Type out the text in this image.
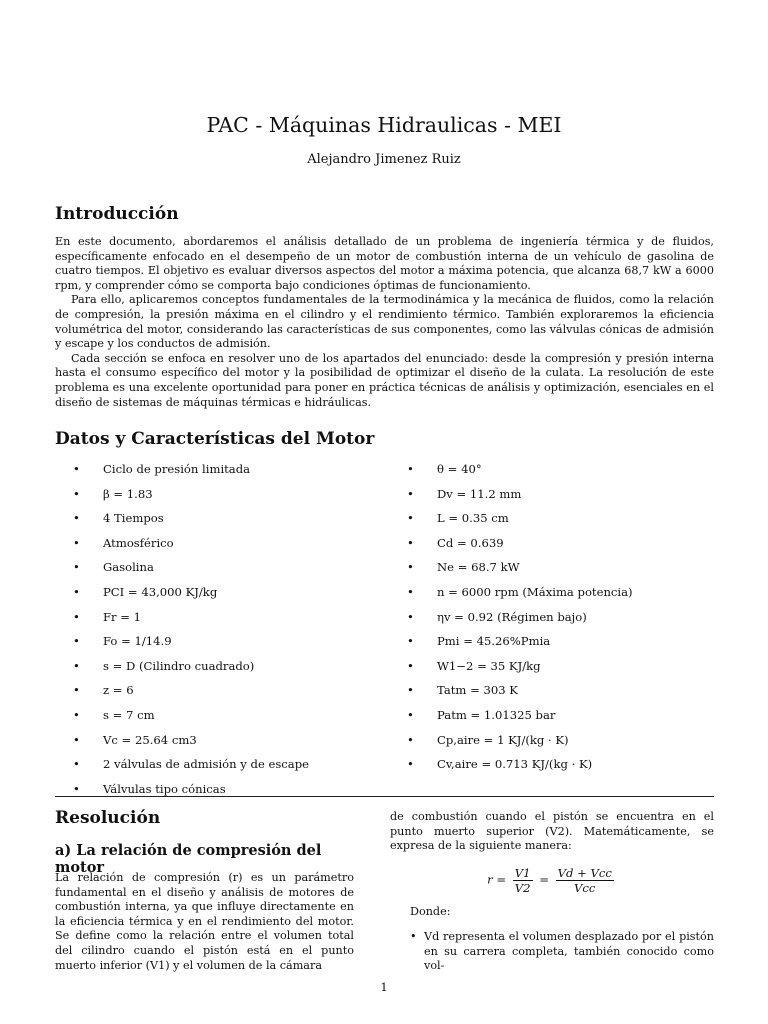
PAC - Máquinas Hidraulicas - MEI
Alejandro Jimenez Ruiz
Introducción

En este documento, abordaremos el análisis detallado de un problema de ingeniería térmica y de fluidos, específicamente enfocado en el desempeño de un motor de combustión interna de un vehículo de gasolina de cuatro tiempos. El objetivo es evaluar diversos aspectos del motor a máxima potencia, que alcanza 68,7 kW a 6000 rpm, y comprender cómo se comporta bajo condiciones óptimas de funcionamiento.

Para ello, aplicaremos conceptos fundamentales de la termodinámica y la mecánica de fluidos, como la relación de compresión, la presión máxima en el cilindro y el rendimiento térmico. También exploraremos la eficiencia volumétrica del motor, considerando las características de sus componentes, como las válvulas cónicas de admisión y escape y los conductos de admisión.

Cada sección se enfoca en resolver uno de los apartados del enunciado: desde la compresión y presión interna hasta el consumo específico del motor y la posibilidad de optimizar el diseño de la culata. La resolución de este problema es una excelente oportunidad para poner en práctica técnicas de análisis y optimización, esenciales en el diseño de sistemas de máquinas térmicas e hidráulicas.

Datos y Características del Motor
• Ciclo de presión limitada
• β = 1.83
• 4 Tiempos
• Atmosférico
• Gasolina
• PCI = 43,000 KJ/kg
• Fr = 1
• Fo = 1/14.9
• s = D (Cilindro cuadrado)
• z = 6
• s = 7 cm
• Vc = 25.64 cm3
• 2 válvulas de admisión y de escape
• Válvulas tipo cónicas
• θ = 40°
• Dv = 11.2 mm
• L = 0.35 cm
• Cd = 0.639
• Ne = 68.7 kW
• n = 6000 rpm (Máxima potencia)
• ηv = 0.92 (Régimen bajo)
• Pmi = 45.26%Pmia
• W1−2 = 35 KJ/kg
• Tatm = 303 K
• Patm = 1.01325 bar
• Cp,aire = 1 KJ/(kg · K)
• Cv,aire = 0.713 KJ/(kg · K)
Resolución
a) La relación de compresión del motor
La relación de compresión (r) es un parámetro fundamental en el diseño y análisis de motores de combustión interna, ya que influye directamente en la eficiencia térmica y en el rendimiento del motor. Se define como la relación entre el volumen total del cilindro cuando el pistón está en el punto muerto inferior (V1) y el volumen de la cámara
de combustión cuando el pistón se encuentra en el punto muerto superior (V2). Matemáticamente, se expresa de la siguiente manera:
$r = \frac{V1}{V2} = \frac{\text{Vd + Vcc}}{\text{Vcc}}$
Donde:
• Vd representa el volumen desplazado por el pistón en su carrera completa, también conocido como vol-
1
